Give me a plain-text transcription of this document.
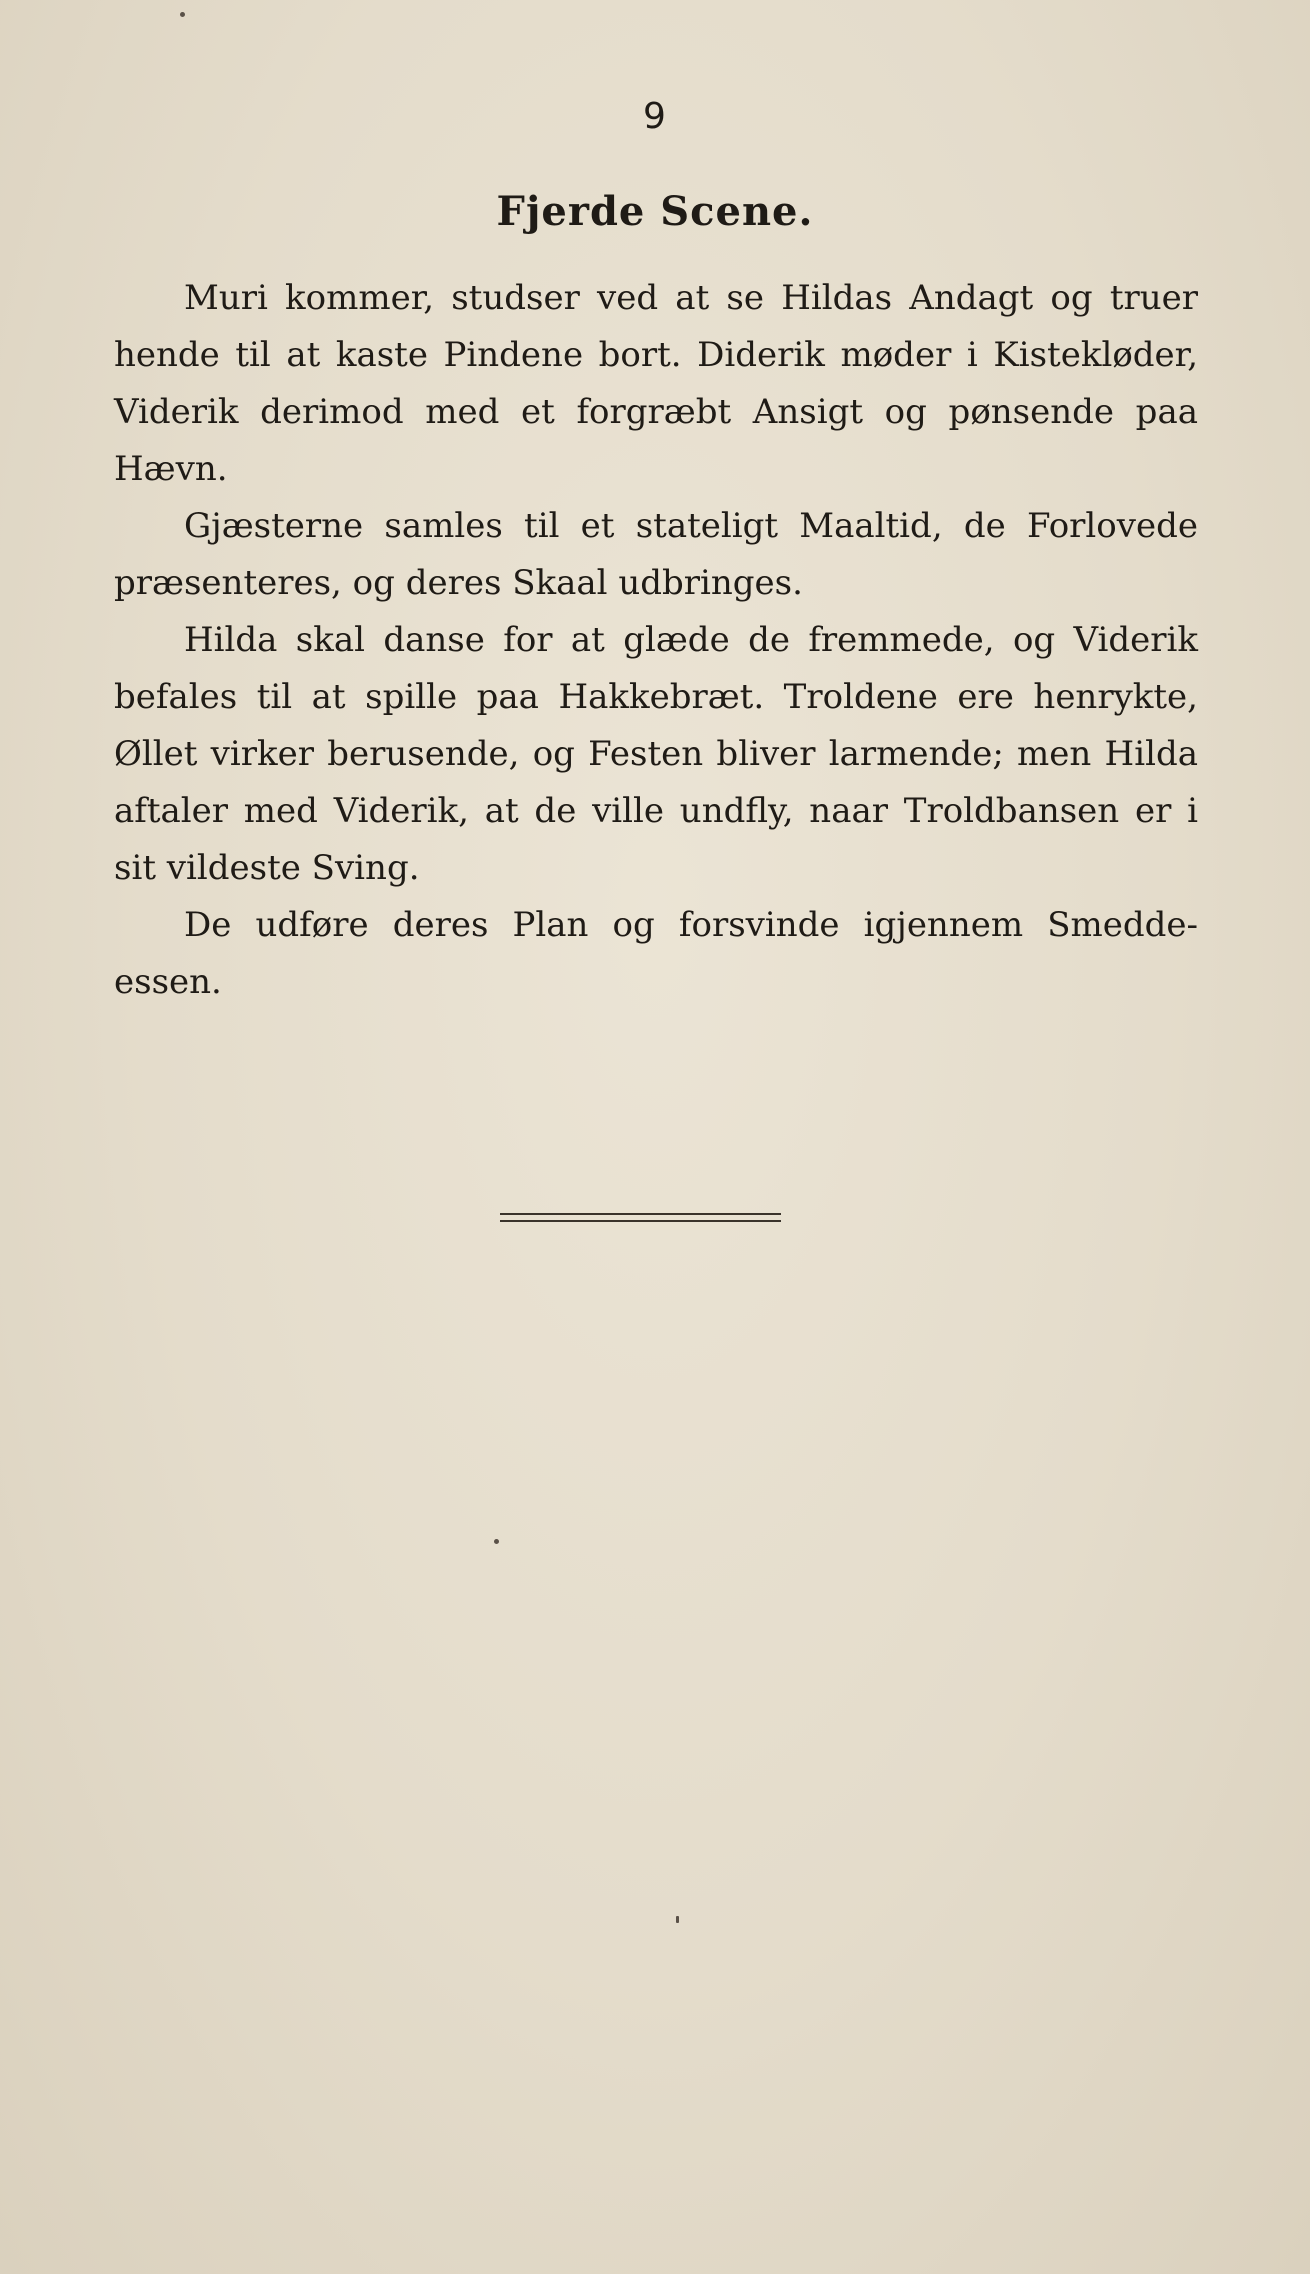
9
Fjerde Scene.

Muri kommer, studser ved at se Hildas Andagt og truer hende til at kaste Pindene bort. Diderik møder i Kistekløder, Viderik derimod med et forgræbt Ansigt og pønsende paa Hævn.

Gjæsterne samles til et stateligt Maaltid, de Forlovede præsenteres, og deres Skaal udbringes.

Hilda skal danse for at glæde de fremmede, og Viderik befales til at spille paa Hakkebræt. Troldene ere henrykte, Øllet virker berusende, og Festen bliver larmende; men Hilda aftaler med Viderik, at de ville undfly, naar Troldbansen er i sit vildeste Sving.

De udføre deres Plan og forsvinde igjennem Smedde-essen.
